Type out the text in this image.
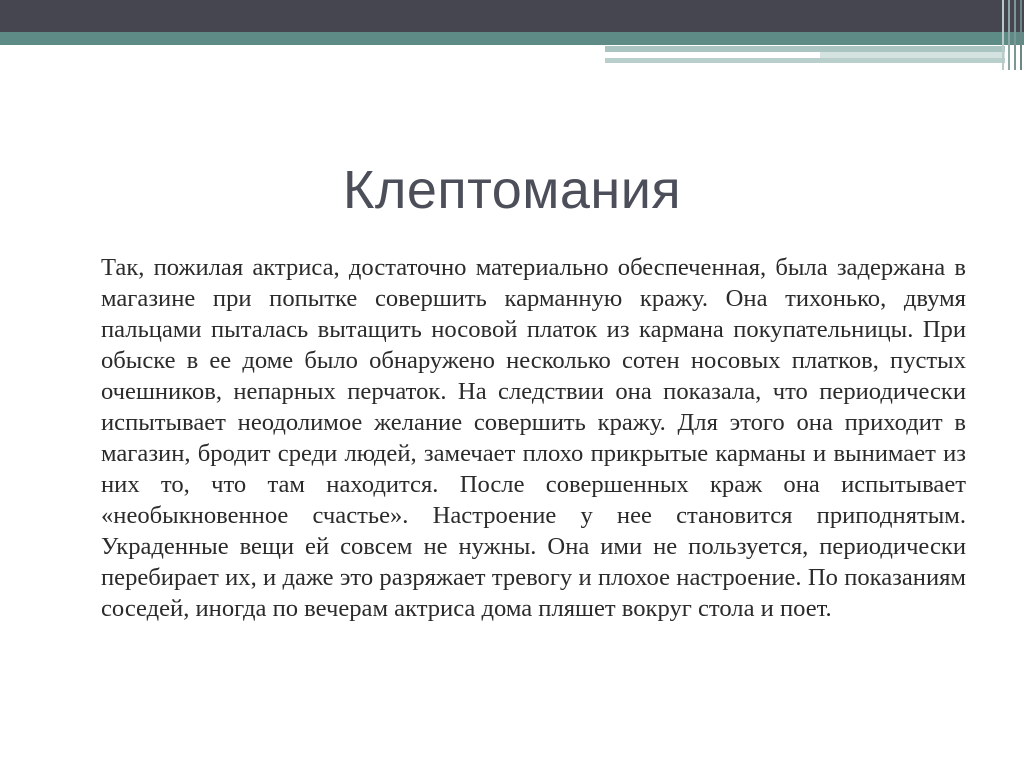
Клептомания
Так, пожилая актриса, достаточно материально обеспеченная, была задержана в магазине при попытке совершить карманную кражу. Она тихонько, двумя пальцами пыталась вытащить носовой платок из кармана покупательницы. При обыске в ее доме было обнаружено несколько сотен носовых платков, пустых очешников, непарных перчаток. На следствии она показала, что периодически испытывает неодолимое желание совершить кражу. Для этого она приходит в магазин, бродит среди людей, замечает плохо прикрытые карманы и вынимает из них то, что там находится. После совершенных краж она испытывает «необыкновенное счастье». Настроение у нее становится приподнятым. Украденные вещи ей совсем не нужны. Она ими не пользуется, периодически перебирает их, и даже это разряжает тревогу и плохое настроение. По показаниям соседей, иногда по вечерам актриса дома пляшет вокруг стола и поет.
